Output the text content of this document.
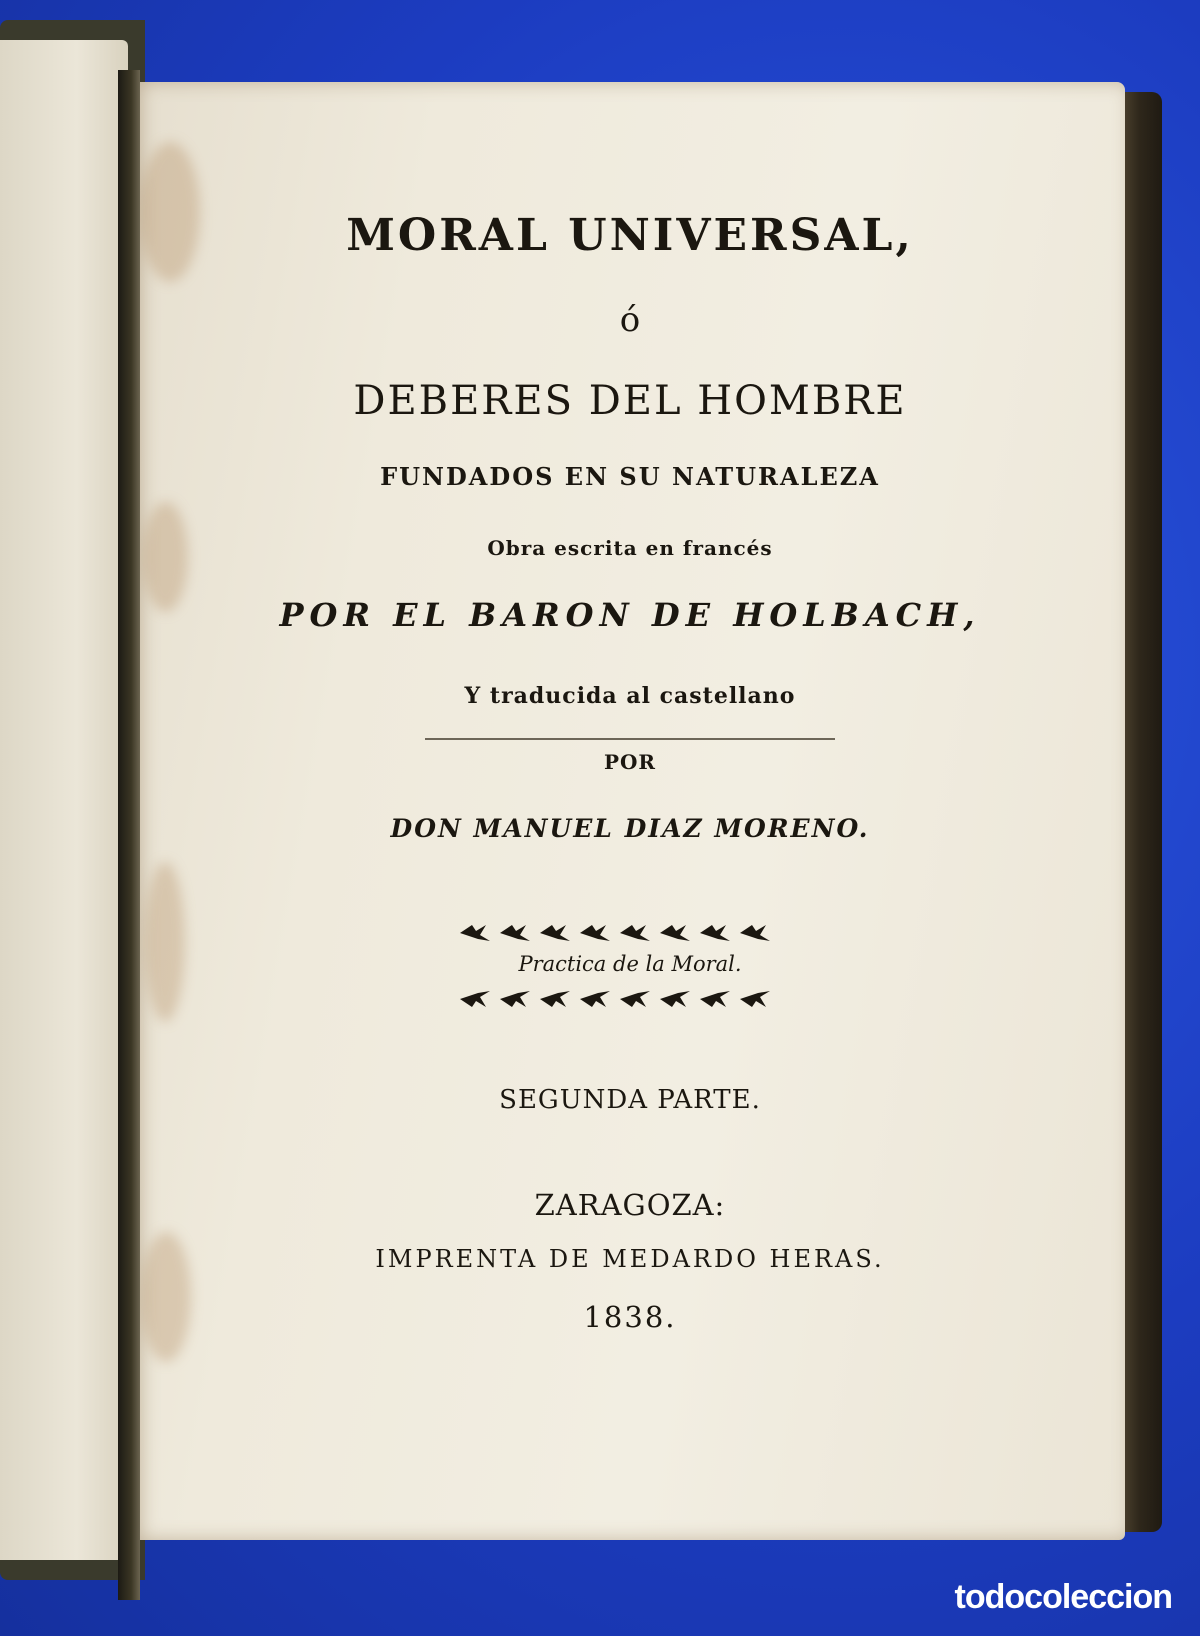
MORAL UNIVERSAL,
ó
DEBERES DEL HOMBRE
FUNDADOS EN SU NATURALEZA
Obra escrita en francés
POR EL BARON DE HOLBACH,
Y traducida al castellano
POR
DON MANUEL DIAZ MORENO.
Practica de la Moral.
SEGUNDA PARTE.
ZARAGOZA:
IMPRENTA DE MEDARDO HERAS.
1838.
todocoleccion
